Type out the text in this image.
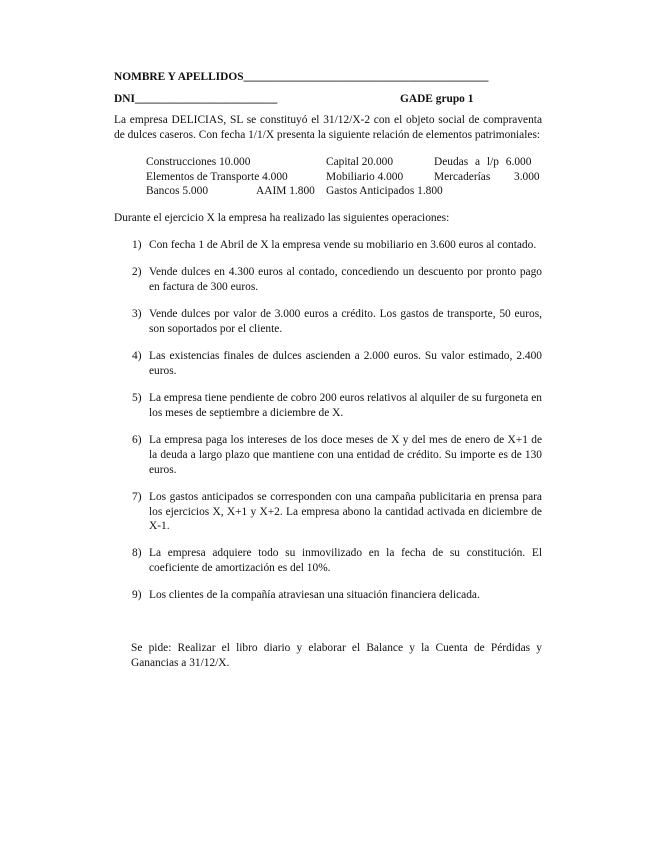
NOMBRE Y APELLIDOS___________________________________________
DNI_________________________	GADE grupo 1
La empresa DELICIAS, SL se constituyó el 31/12/X-2 con el objeto social de compraventa de dulces caseros. Con fecha 1/1/X presenta la siguiente relación de elementos patrimoniales:
Construcciones 10.000	Capital 20.000	Deudas a l/p 6.000
Elementos de Transporte 4.000	Mobiliario 4.000	Mercaderías 3.000
Bancos 5.000	AAIM 1.800 Gastos Anticipados 1.800
Durante el ejercicio X la empresa ha realizado las siguientes operaciones:
1) Con fecha 1 de Abril de X la empresa vende su mobiliario en 3.600 euros al contado.
2) Vende dulces en 4.300 euros al contado, concediendo un descuento por pronto pago en factura de 300 euros.
3) Vende dulces por valor de 3.000 euros a crédito. Los gastos de transporte, 50 euros, son soportados por el cliente.
4) Las existencias finales de dulces ascienden a 2.000 euros. Su valor estimado, 2.400 euros.
5) La empresa tiene pendiente de cobro 200 euros relativos al alquiler de su furgoneta en los meses de septiembre a diciembre de X.
6) La empresa paga los intereses de los doce meses de X y del mes de enero de X+1 de la deuda a largo plazo que mantiene con una entidad de crédito. Su importe es de 130 euros.
7) Los gastos anticipados se corresponden con una campaña publicitaria en prensa para los ejercicios X, X+1 y X+2. La empresa abono la cantidad activada en diciembre de X-1.
8) La empresa adquiere todo su inmovilizado en la fecha de su constitución. El coeficiente de amortización es del 10%.
9) Los clientes de la compañía atraviesan una situación financiera delicada.
Se pide: Realizar el libro diario y elaborar el Balance y la Cuenta de Pérdidas y Ganancias a 31/12/X.
